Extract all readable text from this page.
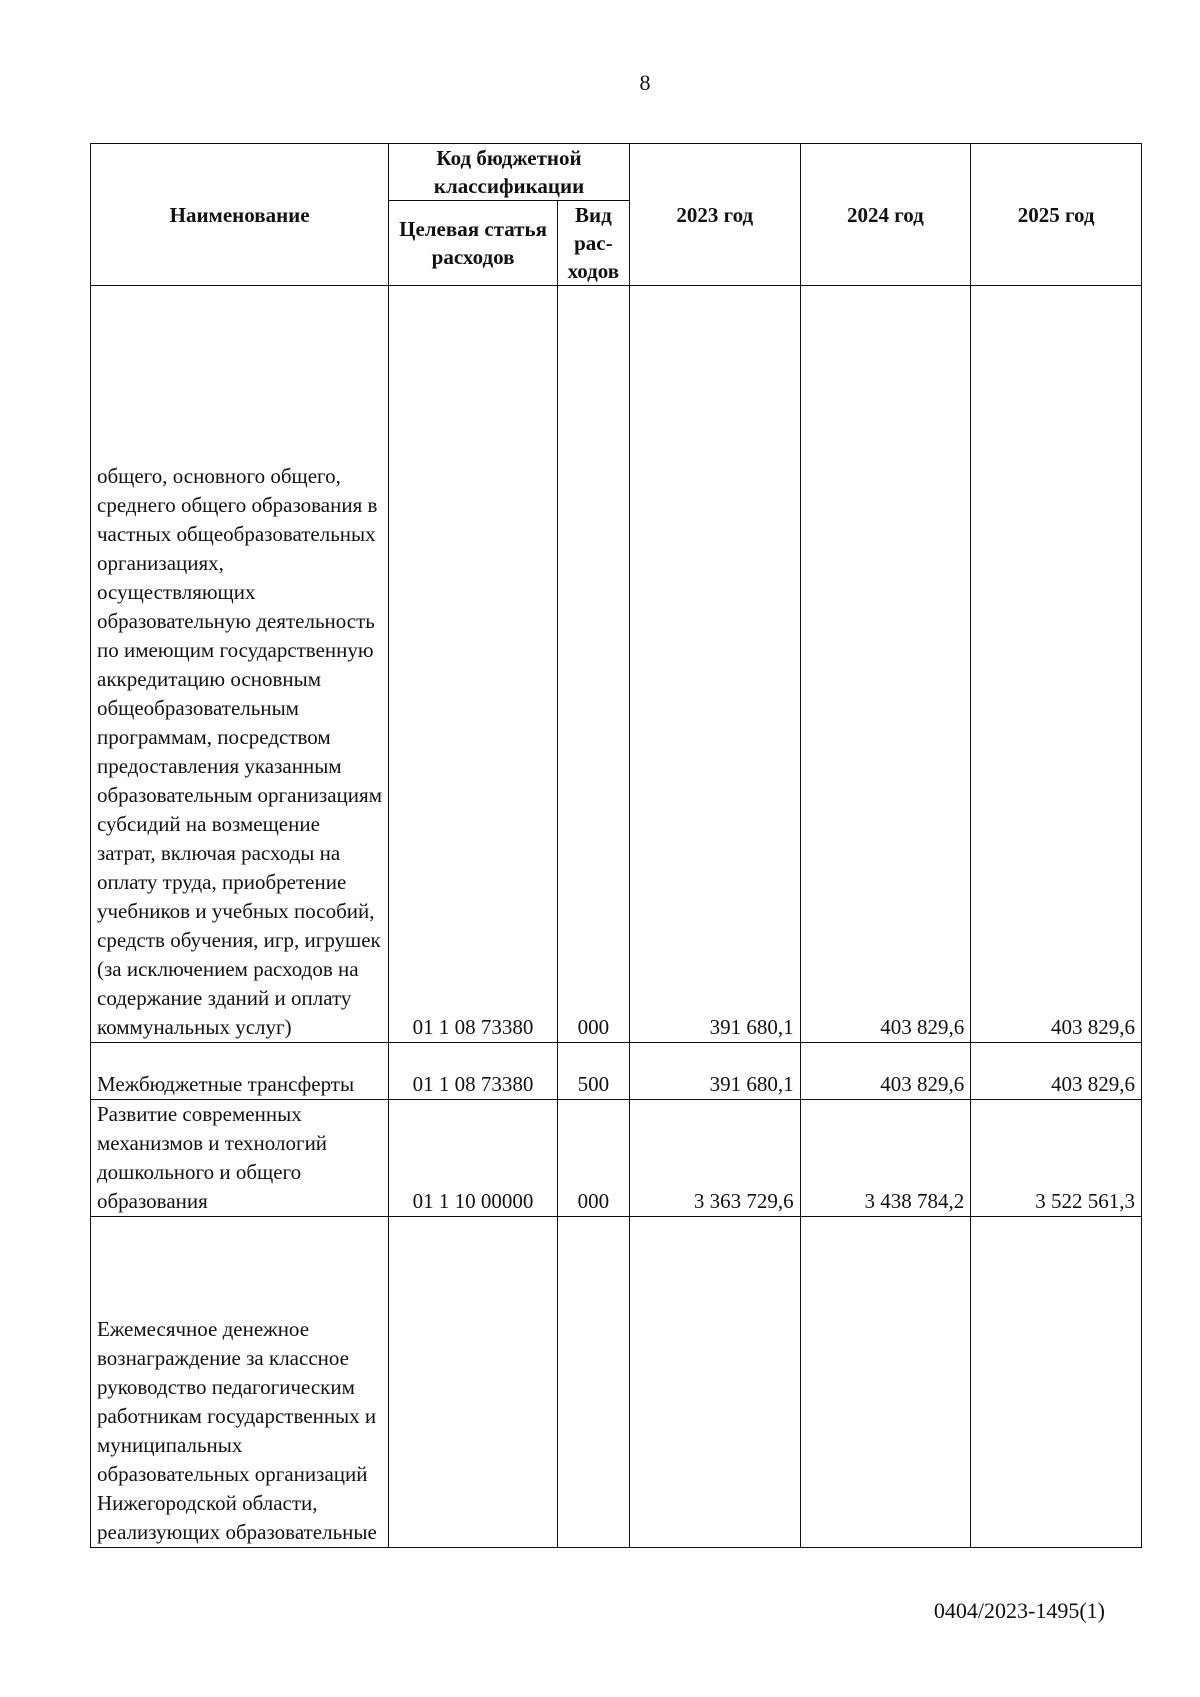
8
Наименование	Код бюджетной классификации		2023 год	2024 год	2025 год
	Целевая статья расходов	Вид рас- ходов			
общего, основного общего, среднего общего образования в частных общеобразовательных организациях, осуществляющих образовательную деятельность по имеющим государственную аккредитацию основным общеобразовательным программам, посредством предоставления указанным образовательным организациям субсидий на возмещение затрат, включая расходы на оплату труда, приобретение учебников и учебных пособий, средств обучения, игр, игрушек (за исключением расходов на содержание зданий и оплату коммунальных услуг)	01 1 08 73380	000	391 680,1	403 829,6	403 829,6
Межбюджетные трансферты	01 1 08 73380	500	391 680,1	403 829,6	403 829,6
Развитие современных механизмов и технологий дошкольного и общего образования	01 1 10 00000	000	3 363 729,6	3 438 784,2	3 522 561,3
Ежемесячное денежное вознаграждение за классное руководство педагогическим работникам государственных и муниципальных образовательных организаций Нижегородской области, реализующих образовательные					
0404/2023-1495(1)
